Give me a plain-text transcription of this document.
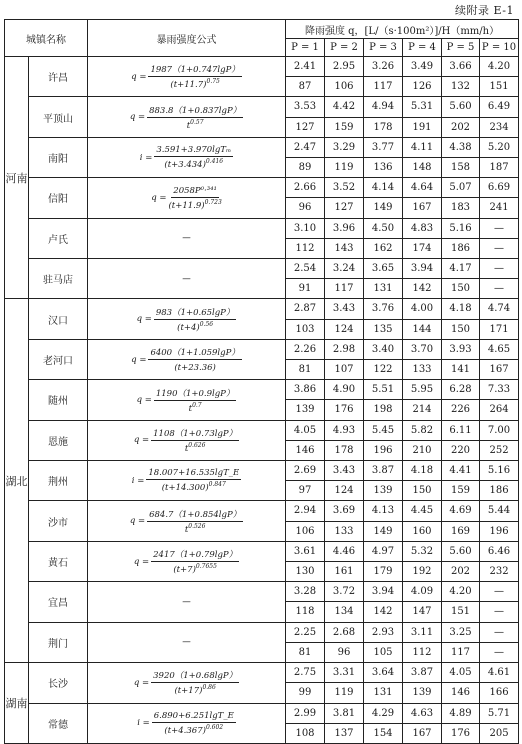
续附录 E-1
城镇名称		暴雨强度公式	降雨强度 q，[L/（s·100m²）]/H（mm/h）					
			P = 1	P = 2	P = 3	P = 4	P = 5	P = 10
河南	许昌	$q = \frac{1987(1+0.747\lg P)}{(t+11.7)^{0.75}}$	2.41	2.95	3.26	3.49	3.66	4.20
			87	106	117	126	132	151
	平顶山	$q = \frac{883.8(1+0.837\lg P)}{t^{0.57}}$	3.53	4.42	4.94	5.31	5.60	6.49
			127	159	178	191	202	234
	南阳	$i = \frac{\text{3.591+3.970lgTₘ}}{(t+3.434)^{0.416}}$	2.47	3.29	3.77	4.11	4.38	5.20
			89	119	136	148	158	187
	信阳	$q = \frac{\text{2058P⁰·³⁴¹}}{(t+11.9)^{0.723}}$	2.66	3.52	4.14	4.64	5.07	6.69
			96	127	149	167	183	241
	卢氏	—	3.10	3.96	4.50	4.83	5.16	—
			112	143	162	174	186	—
	驻马店	—	2.54	3.24	3.65	3.94	4.17	—
			91	117	131	142	150	—
湖北	汉口	$q = \frac{983(1+0.65\lg P)}{(t+4)^{0.56}}$	2.87	3.43	3.76	4.00	4.18	4.74
			103	124	135	144	150	171
	老河口	$q = \frac{6400(1+1.059\lg P)}{(t+23.36)}$	2.26	2.98	3.40	3.70	3.93	4.65
			81	107	122	133	141	167
	随州	$q = \frac{1190(1+0.9\lg P)}{t^{0.7}}$	3.86	4.90	5.51	5.95	6.28	7.33
			139	176	198	214	226	264
	恩施	$q = \frac{1108(1+0.73\lg P)}{t^{0.626}}$	4.05	4.93	5.45	5.82	6.11	7.00
			146	178	196	210	220	252
	荆州	$i = \frac{18.007+16.535\lg T\_E}{(t+14.300)^{0.847}}$	2.69	3.43	3.87	4.18	4.41	5.16
			97	124	139	150	159	186
	沙市	$q = \frac{684.7(1+0.854\lg P)}{t^{0.526}}$	2.94	3.69	4.13	4.45	4.69	5.44
			106	133	149	160	169	196
	黄石	$q = \frac{2417(1+0.79\lg P)}{(t+7)^{0.7655}}$	3.61	4.46	4.97	5.32	5.60	6.46
			130	161	179	192	202	232
	宜昌	—	3.28	3.72	3.94	4.09	4.20	—
			118	134	142	147	151	—
	荆门	—	2.25	2.68	2.93	3.11	3.25	—
			81	96	105	112	117	—
湖南	长沙	$q = \frac{3920(1+0.68\lg P)}{(t+17)^{0.86}}$	2.75	3.31	3.64	3.87	4.05	4.61
			99	119	131	139	146	166
	常德	$i = \frac{6.890+6.251\lg T\_E}{(t+4.367)^{0.602}}$	2.99	3.81	4.29	4.63	4.89	5.71
			108	137	154	167	176	205
